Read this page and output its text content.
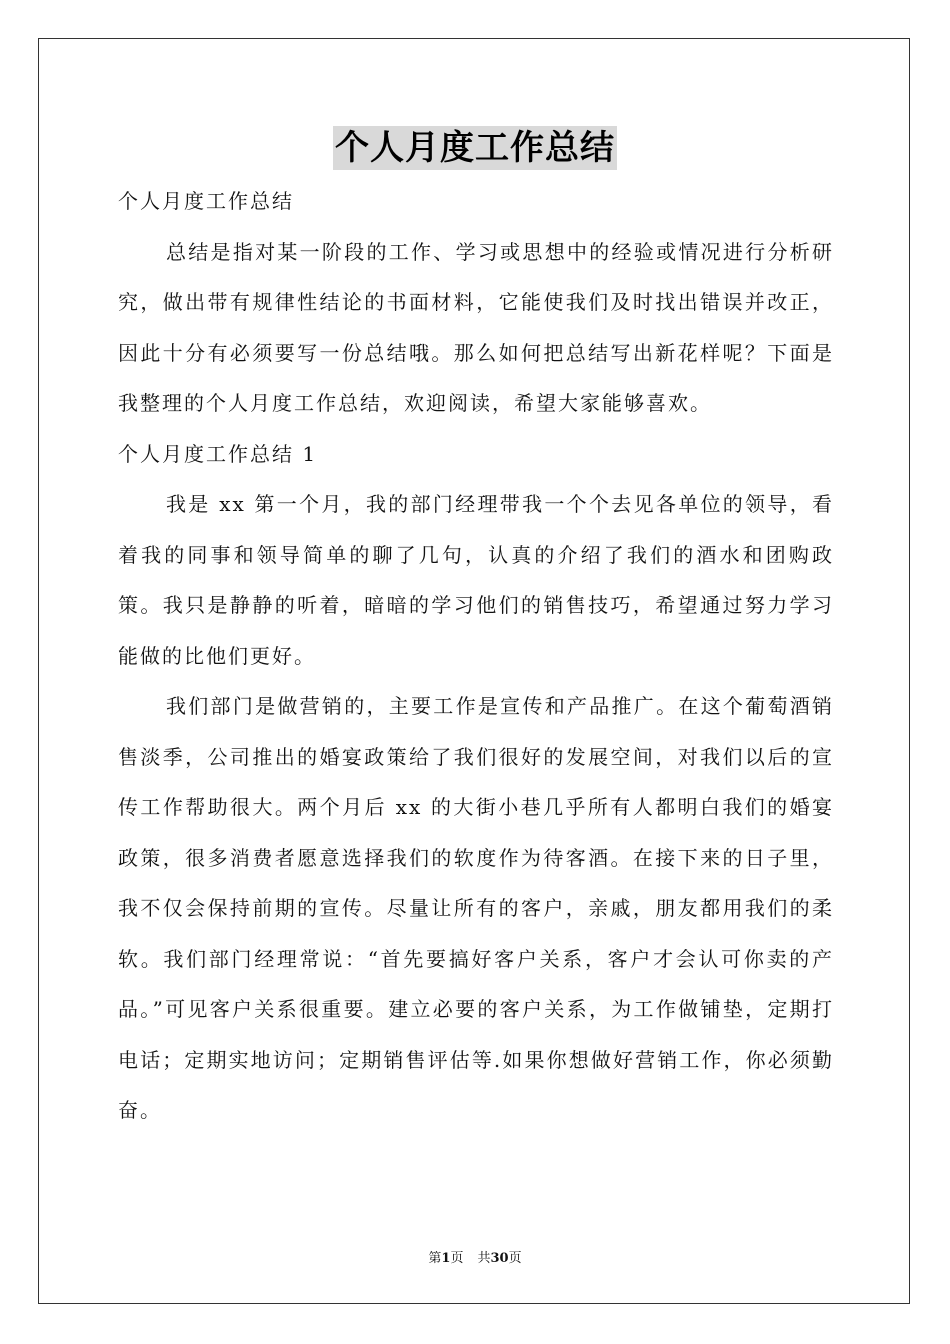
个人月度工作总结

个人月度工作总结

总结是指对某一阶段的工作、学习或思想中的经验或情况进行分析研究，做出带有规律性结论的书面材料，它能使我们及时找出错误并改正，因此十分有必须要写一份总结哦。那么如何把总结写出新花样呢？下面是我整理的个人月度工作总结，欢迎阅读，希望大家能够喜欢。

个人月度工作总结 1

我是 xx 第一个月，我的部门经理带我一个个去见各单位的领导，看着我的同事和领导简单的聊了几句，认真的介绍了我们的酒水和团购政策。我只是静静的听着，暗暗的学习他们的销售技巧，希望通过努力学习能做的比他们更好。

我们部门是做营销的，主要工作是宣传和产品推广。在这个葡萄酒销售淡季，公司推出的婚宴政策给了我们很好的发展空间，对我们以后的宣传工作帮助很大。两个月后 xx 的大街小巷几乎所有人都明白我们的婚宴政策，很多消费者愿意选择我们的软度作为待客酒。在接下来的日子里，我不仅会保持前期的宣传。尽量让所有的客户，亲戚，朋友都用我们的柔软。我们部门经理常说：“首先要搞好客户关系，客户才会认可你卖的产品。”可见客户关系很重要。建立必要的客户关系，为工作做铺垫，定期打电话；定期实地访问；定期销售评估等.如果你想做好营销工作，你必须勤奋。

第1页 共30页
